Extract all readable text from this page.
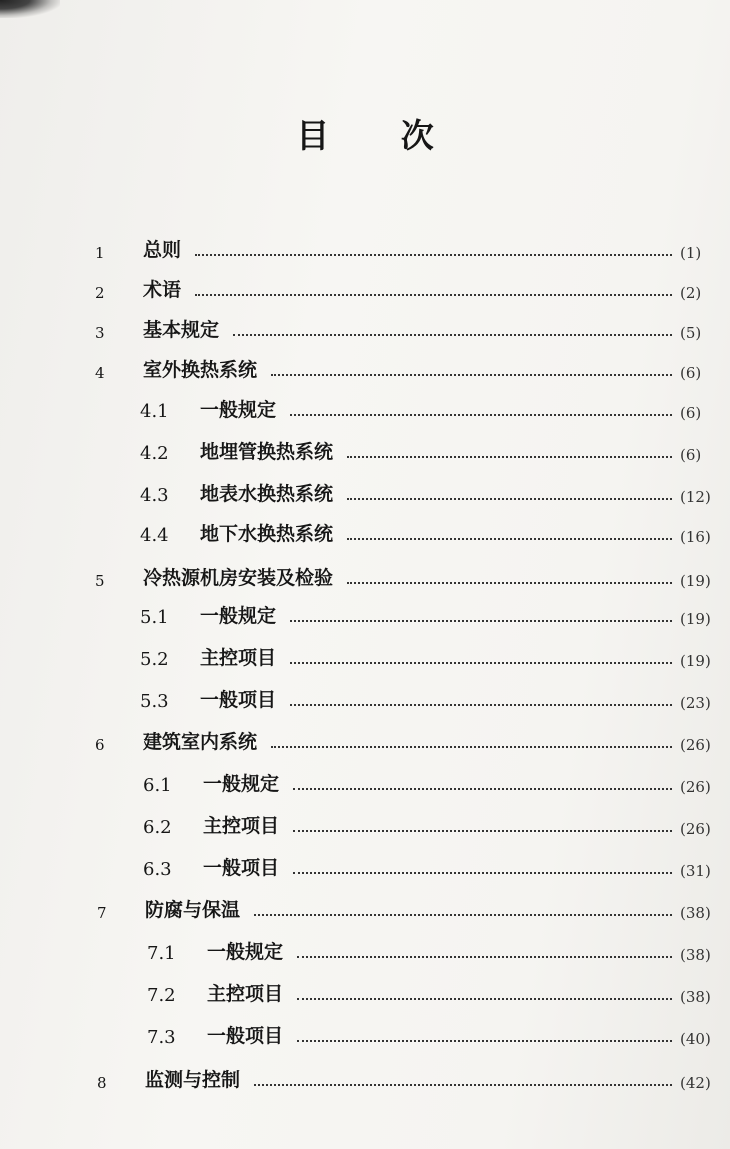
目 次
1	总则	(1)
2	术语	(2)
3	基本规定	(5)
4	室外换热系统	(6)
4.1	一般规定	(6)
4.2	地埋管换热系统	(6)
4.3	地表水换热系统	(12)
4.4	地下水换热系统	(16)
5	冷热源机房安装及检验	(19)
5.1	一般规定	(19)
5.2	主控项目	(19)
5.3	一般项目	(23)
6	建筑室内系统	(26)
6.1	一般规定	(26)
6.2	主控项目	(26)
6.3	一般项目	(31)
7	防腐与保温	(38)
7.1	一般规定	(38)
7.2	主控项目	(38)
7.3	一般项目	(40)
8	监测与控制	(42)
